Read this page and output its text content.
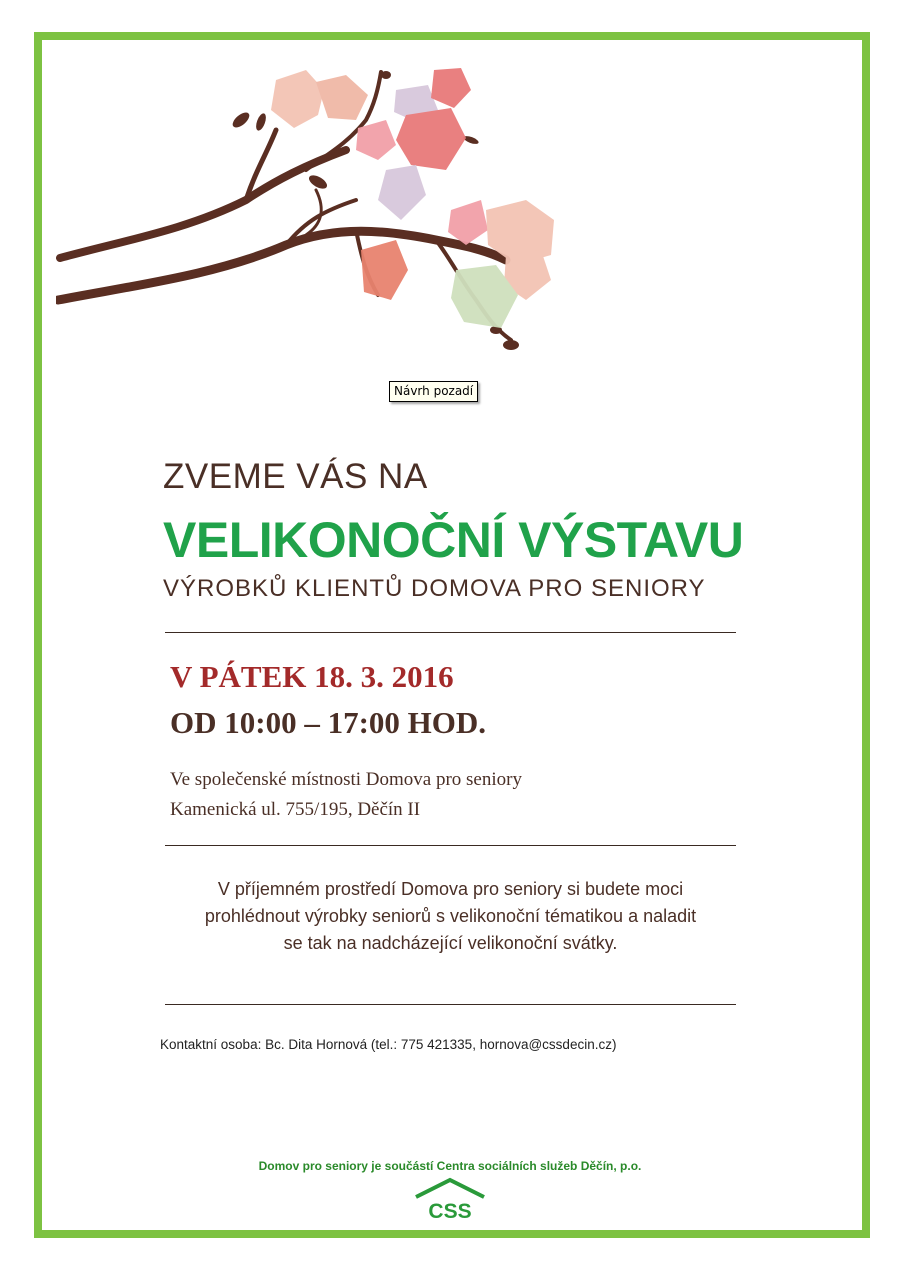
Návrh pozadí
ZVEME VÁS NA
VELIKONOČNÍ VÝSTAVU
VÝROBKŮ KLIENTŮ DOMOVA PRO SENIORY
V PÁTEK 18. 3. 2016
OD 10:00 – 17:00 HOD.
Ve společenské místnosti Domova pro seniory
Kamenická ul. 755/195, Děčín II
V příjemném prostředí Domova pro seniory si budete moci
prohlédnout výrobky seniorů s velikonoční tématikou a naladit
se tak na nadcházející velikonoční svátky.
Kontaktní osoba: Bc. Dita Hornová (tel.: 775 421335, hornova@cssdecin.cz)
Domov pro seniory je součástí Centra sociálních služeb Děčín, p.o.
CSS
